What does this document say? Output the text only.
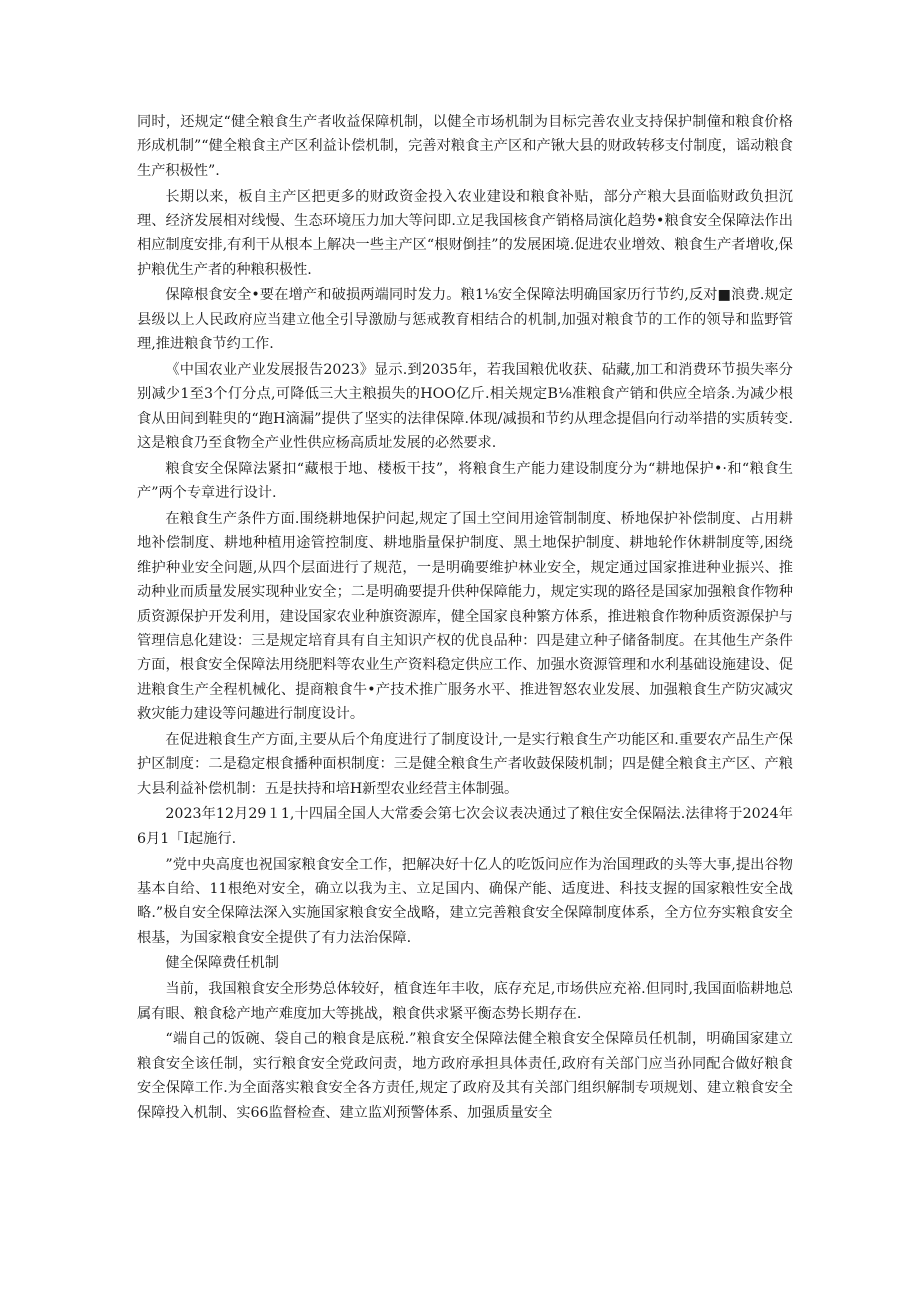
同时，还规定“健全粮食生产者收益保障机制，以健全市场机制为目标完善农业支持保护制僮和粮食价格形成机制”“健全粮食主产区利益讣偿机制，完善对粮食主产区和产锹大县的财政转移支付制度，谣动粮食生产积极性”.

长期以来，板自主产区把更多的财政资金投入农业建设和粮食补贴，部分产粮大县面临财政负担沉理、经济发展相对线慢、生态环境压力加大等问即.立足我国核食产销格局演化趋势•粮食安全保障法作出相应制度安排,有利干从根本上解决一些主产区“根财倒挂”的发展困境.促进农业增效、粮食生产者增收,保护粮优生产者的种粮积极性.

保障根食安全•要在增产和破损两端同时发力。粮1⅛安全保障法明确国家历行节约,反对■浪费.规定县级以上人民政府应当建立他全引导激励与惩戒教育相结合的机制,加强对粮食节的工作的领导和监野管理,推进粮食节约工作.

《中国农业产业发展报告2023》显示.到2035年，若我国粮优收获、砧藏,加工和消费环节损失率分别减少1至3个仃分点,可降低三大主粮损失的HOO亿斤.相关规定B⅛准粮食产销和供应全培条.为减少根食从田间到鞋臾的“跑H滴漏”提供了坚实的法律保障.体现/减损和节约从理念提倡向行动举措的实质转变.这是粮食乃至食物全产业性供应杨高质址发展的必然要求.

粮食安全保障法紧扣“藏根于地、楼板干技”，将粮食生产能力建设制度分为“耕地保护•·和“粮食生产”两个专章进行设计.

在粮食生产条件方面.围绕耕地保护问起,规定了国土空间用途管制制度、桥地保护补偿制度、占用耕地补偿制度、耕地种植用途管控制度、耕地脂量保护制度、黑土地保护制度、耕地轮作休耕制度等,困绕维护种业安全问题,从四个层面进行了规范，一是明确要维护林业安全，规定通过国家推进种业振兴、推动种业而质量发展实现种业安全；二是明确要提升供种保障能力，规定实现的路径是国家加强粮食作物种质资源保护开发利用，建设国家农业种旗资源库，健全国家良种繁方体系，推进粮食作物种质资源保护与管理信息化建设：三是规定培育具有自主知识产权的优良品种：四是建立种子储备制度。在其他生产条件方面，根食安全保障法用绕肥料等农业生产资料稳定供应工作、加强水资源管理和水利基础设施建设、促进粮食生产全程机械化、提商粮食牛•产技术推广服务水平、推进智怒农业发展、加强粮食生产防灾减灾救灾能力建设等问趣进行制度设计。

在促进粮食生产方面,主要从后个角度进行了制度设计,一是实行粮食生产功能区和.重要农产品生产保护区制度：二是稳定根食播种面枳制度：三是健全粮食生产者收鼓保陵机制；四是健全粮食主产区、产粮大县利益补偿机制：五是扶持和培H新型农业经营主体制强。

2023年12月29１1,十四届全国人大常委会第七次会议表决通过了粮住安全保隔法.法律将于2024年6月1「I起施行.

”党中央高度也祝国家粮食安全工作，把解决好十亿人的吃饭问应作为治国理政的头等大事,提出谷物基本自给、11根绝对安全，确立以我为主、立足国内、确保产能、适度进、科技支握的国家粮性安全战略.”极自安全保障法深入实施国家粮食安全战略，建立完善粮食安全保障制度体系，全方位夯实粮食安全根基，为国家粮食安全提供了有力法治保障.

健全保障费任机制

当前，我国粮食安全形势总体较好，植食连年丰收，底存充足,市场供应充裕.但同时,我国面临耕地总属有眼、粮食稔产地产难度加大等挑战，粮食供求紧平衡态势长期存在.

“端自己的饭碗、袋自己的粮食是底税.”粮食安全保障法健全粮食安全保障员任机制，明确国家建立粮食安全该任制，实行粮食安全党政问责，地方政府承担具体责任,政府有关部门应当孙同配合做好粮食安全保障工作.为全面落实粮食安全各方责任,规定了政府及其有关部门组织解制专项规划、建立粮食安全保障投入机制、实66监督检查、建立监刈预警体系、加强质量安全
